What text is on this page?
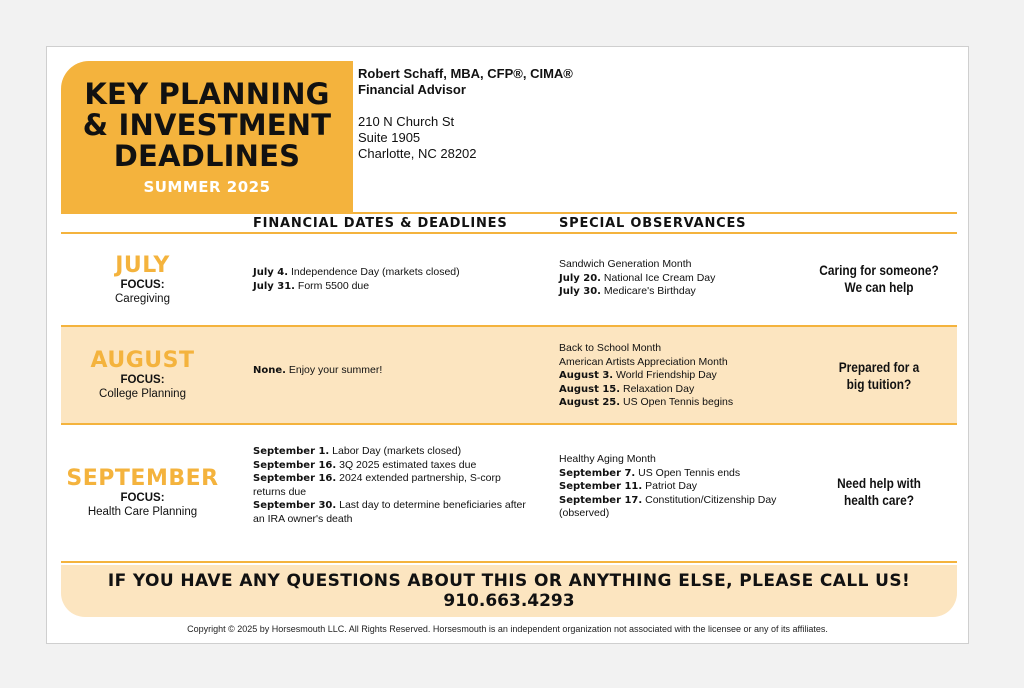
KEY PLANNING
& INVESTMENT
DEADLINES
SUMMER 2025
Robert Schaff, MBA, CFP®, CIMA®
Financial Advisor
210 N Church St
Suite 1905
Charlotte, NC 28202
FINANCIAL DATES & DEADLINES	SPECIAL OBSERVANCES
JULY
FOCUS:
Caregiving
July 4. Independence Day (markets closed)
July 31. Form 5500 due
Sandwich Generation Month
July 20. National Ice Cream Day
July 30. Medicare's Birthday
Caring for someone?
We can help
AUGUST
FOCUS:
College Planning
None. Enjoy your summer!
Back to School Month
American Artists Appreciation Month
August 3. World Friendship Day
August 15. Relaxation Day
August 25. US Open Tennis begins
Prepared for a
big tuition?
SEPTEMBER
FOCUS:
Health Care Planning
September 1. Labor Day (markets closed)
September 16. 3Q 2025 estimated taxes due
September 16. 2024 extended partnership, S-corp returns due
September 30. Last day to determine beneficiaries after an IRA owner's death
Healthy Aging Month
September 7. US Open Tennis ends
September 11. Patriot Day
September 17. Constitution/Citizenship Day (observed)
Need help with
health care?
IF YOU HAVE ANY QUESTIONS ABOUT THIS OR ANYTHING ELSE, PLEASE CALL US!
910.663.4293
Copyright © 2025 by Horsesmouth LLC. All Rights Reserved. Horsesmouth is an independent organization not associated with the licensee or any of its affiliates.
